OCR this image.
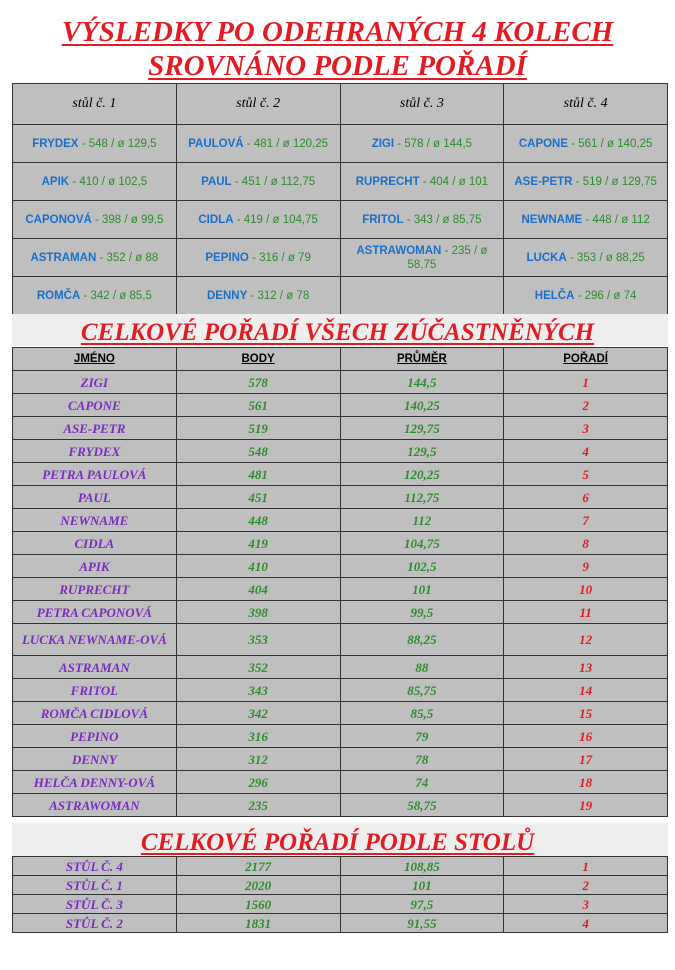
VÝSLEDKY PO ODEHRANÝCH 4 KOLECH
SROVNÁNO PODLE POŘADÍ
stůl č. 1	stůl č. 2	stůl č. 3	stůl č. 4
FRYDEX - 548 / ø 129,5	PAULOVÁ - 481 / ø 120,25	ZIGI - 578 / ø 144,5	CAPONE - 561 / ø 140,25
APIK - 410 / ø 102,5	PAUL - 451 / ø 112,75	RUPRECHT - 404 / ø 101	ASE-PETR - 519 / ø 129,75
CAPONOVÁ - 398 / ø 99,5	CIDLA - 419 / ø 104,75	FRITOL - 343 / ø 85,75	NEWNAME - 448 / ø 112
ASTRAMAN - 352 / ø 88	PEPINO - 316 / ø 79	ASTRAWOMAN - 235 / ø 58,75	LUCKA - 353 / ø 88,25
ROMČA - 342 / ø 85,5	DENNY - 312 / ø 78		HELČA - 296 / ø 74
CELKOVÉ POŘADÍ VŠECH ZÚČASTNĚNÝCH
JMÉNO	BODY	PRŮMĚR	POŘADÍ
ZIGI	578	144,5	1
CAPONE	561	140,25	2
ASE-PETR	519	129,75	3
FRYDEX	548	129,5	4
PETRA PAULOVÁ	481	120,25	5
PAUL	451	112,75	6
NEWNAME	448	112	7
CIDLA	419	104,75	8
APIK	410	102,5	9
RUPRECHT	404	101	10
PETRA CAPONOVÁ	398	99,5	11
LUCKA NEWNAME-OVÁ	353	88,25	12
ASTRAMAN	352	88	13
FRITOL	343	85,75	14
ROMČA CIDLOVÁ	342	85,5	15
PEPINO	316	79	16
DENNY	312	78	17
HELČA DENNY-OVÁ	296	74	18
ASTRAWOMAN	235	58,75	19
CELKOVÉ POŘADÍ PODLE STOLŮ
STŮL Č. 4	2177	108,85	1
STŮL Č. 1	2020	101	2
STŮL Č. 3	1560	97,5	3
STŮL Č. 2	1831	91,55	4
